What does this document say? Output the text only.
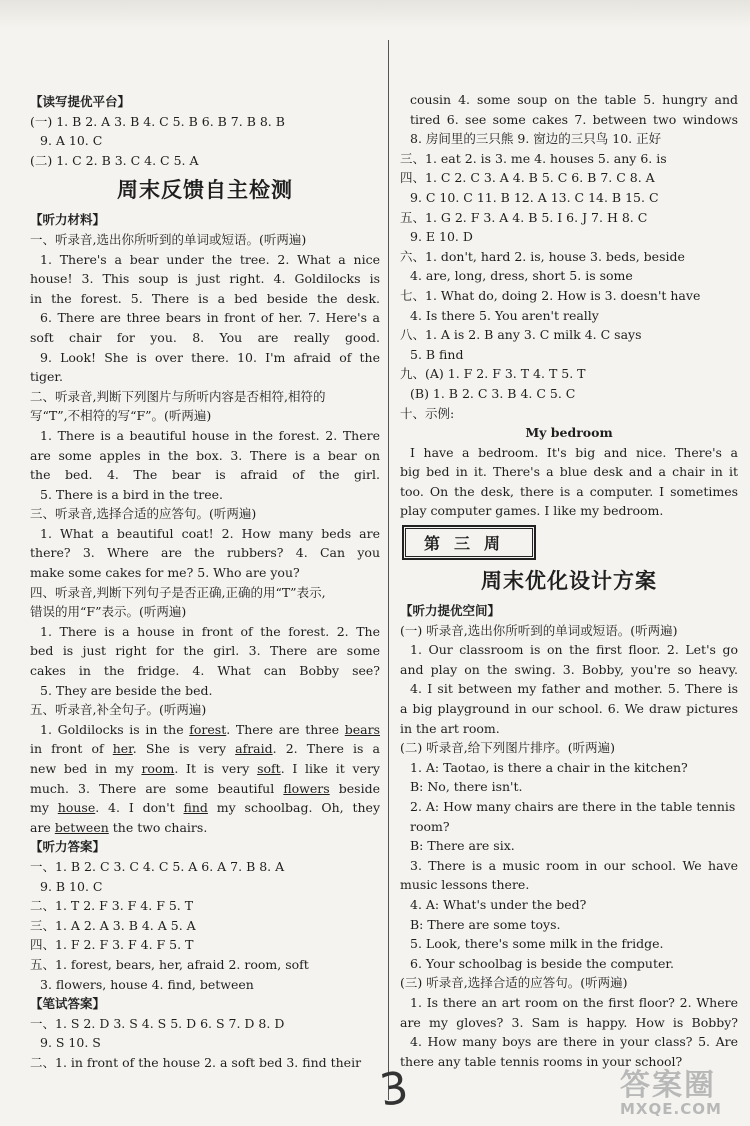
【读写提优平台】
(一) 1. B 2. A 3. B 4. C 5. B 6. B 7. B 8. B
9. A 10. C
(二) 1. C 2. B 3. C 4. C 5. A
周末反馈自主检测
【听力材料】
一、听录音,选出你所听到的单词或短语。(听两遍)
1. There's a bear under the tree. 2. What a nice
house! 3. This soup is just right. 4. Goldilocks is
in the forest. 5. There is a bed beside the desk.
6. There are three bears in front of her. 7. Here's a
soft chair for you. 8. You are really good.
9. Look! She is over there. 10. I'm afraid of the
tiger.
二、听录音,判断下列图片与所听内容是否相符,相符的
写“T”,不相符的写“F”。(听两遍)
1. There is a beautiful house in the forest. 2. There
are some apples in the box. 3. There is a bear on
the bed. 4. The bear is afraid of the girl.
5. There is a bird in the tree.
三、听录音,选择合适的应答句。(听两遍)
1. What a beautiful coat! 2. How many beds are
there? 3. Where are the rubbers? 4. Can you
make some cakes for me? 5. Who are you?
四、听录音,判断下列句子是否正确,正确的用“T”表示,
错误的用“F”表示。(听两遍)
1. There is a house in front of the forest. 2. The
bed is just right for the girl. 3. There are some
cakes in the fridge. 4. What can Bobby see?
5. They are beside the bed.
五、听录音,补全句子。(听两遍)
1. Goldilocks is in the forest. There are three bears
in front of her. She is very afraid. 2. There is a
new bed in my room. It is very soft. I like it very
much. 3. There are some beautiful flowers beside
my house. 4. I don't find my schoolbag. Oh, they
are between the two chairs.
【听力答案】
一、1. B 2. C 3. C 4. C 5. A 6. A 7. B 8. A
9. B 10. C
二、1. T 2. F 3. F 4. F 5. T
三、1. A 2. A 3. B 4. A 5. A
四、1. F 2. F 3. F 4. F 5. T
五、1. forest, bears, her, afraid 2. room, soft
3. flowers, house 4. find, between
【笔试答案】
一、1. S 2. D 3. S 4. S 5. D 6. S 7. D 8. D
9. S 10. S
二、1. in front of the house 2. a soft bed 3. find their
cousin 4. some soup on the table 5. hungry and
tired 6. see some cakes 7. between two windows
8. 房间里的三只熊 9. 窗边的三只鸟 10. 正好
三、1. eat 2. is 3. me 4. houses 5. any 6. is
四、1. C 2. C 3. A 4. B 5. C 6. B 7. C 8. A
9. C 10. C 11. B 12. A 13. C 14. B 15. C
五、1. G 2. F 3. A 4. B 5. I 6. J 7. H 8. C
9. E 10. D
六、1. don't, hard 2. is, house 3. beds, beside
4. are, long, dress, short 5. is some
七、1. What do, doing 2. How is 3. doesn't have
4. Is there 5. You aren't really
八、1. A is 2. B any 3. C milk 4. C says
5. B find
九、(A) 1. F 2. F 3. T 4. T 5. T
(B) 1. B 2. C 3. B 4. C 5. C
十、示例:
My bedroom
I have a bedroom. It's big and nice. There's a
big bed in it. There's a blue desk and a chair in it
too. On the desk, there is a computer. I sometimes
play computer games. I like my bedroom.
第三周
周末优化设计方案
【听力提优空间】
(一) 听录音,选出你所听到的单词或短语。(听两遍)
1. Our classroom is on the first floor. 2. Let's go
and play on the swing. 3. Bobby, you're so heavy.
4. I sit between my father and mother. 5. There is
a big playground in our school. 6. We draw pictures
in the art room.
(二) 听录音,给下列图片排序。(听两遍)
1. A: Taotao, is there a chair in the kitchen?
B: No, there isn't.
2. A: How many chairs are there in the table tennis
room?
B: There are six.
3. There is a music room in our school. We have
music lessons there.
4. A: What's under the bed?
B: There are some toys.
5. Look, there's some milk in the fridge.
6. Your schoolbag is beside the computer.
(三) 听录音,选择合适的应答句。(听两遍)
1. Is there an art room on the first floor? 2. Where
are my gloves? 3. Sam is happy. How is Bobby?
4. How many boys are there in your class? 5. Are
there any table tennis rooms in your school?
3	答案圈
MXQE.COM
